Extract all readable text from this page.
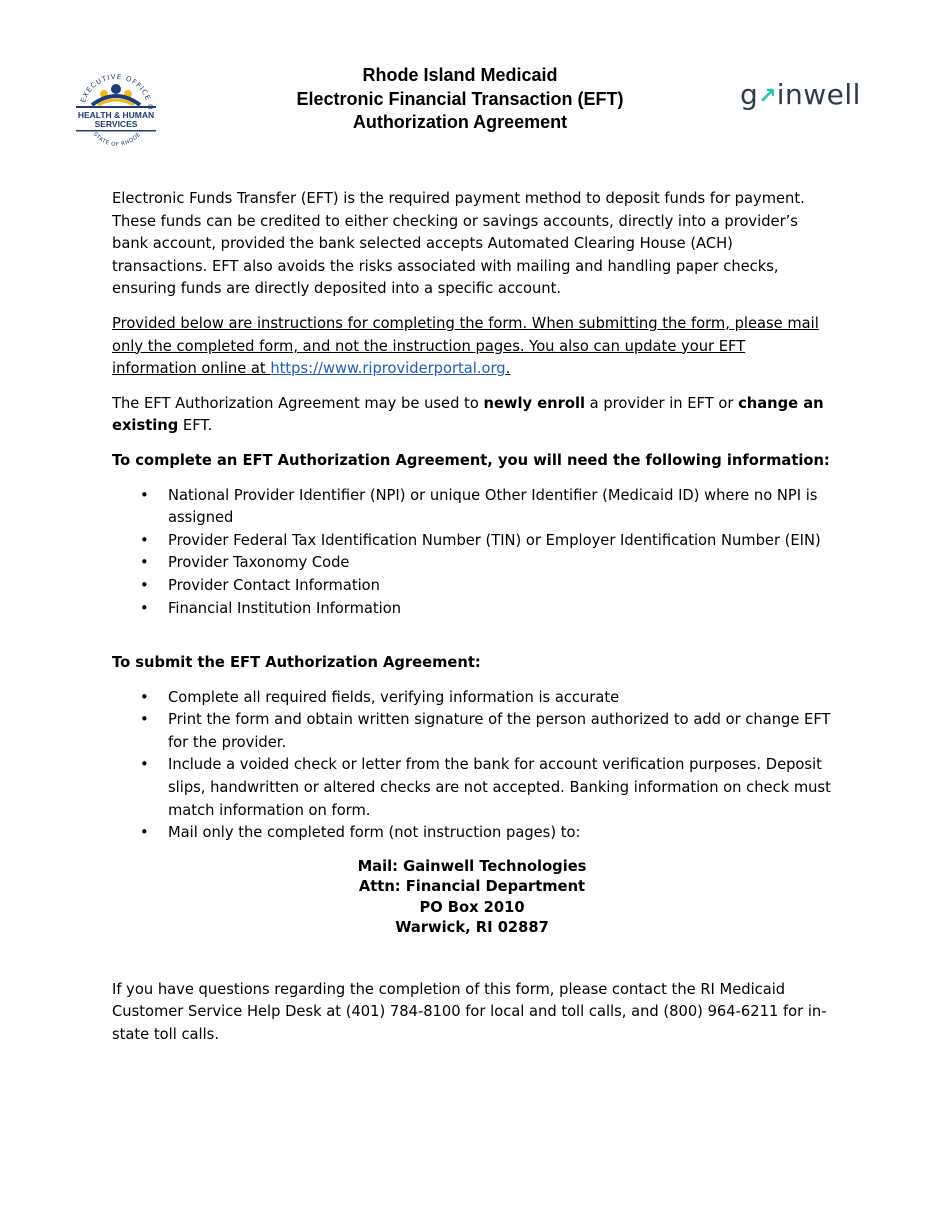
EXECUTIVE OFFICE
HEALTH & HUMAN
SERVICES
STATE OF RHODE I
Rhode Island Medicaid
Electronic Financial Transaction (EFT)
Authorization Agreement
g↗inwell

Electronic Funds Transfer (EFT) is the required payment method to deposit funds for payment. These funds can be credited to either checking or savings accounts, directly into a provider’s bank account, provided the bank selected accepts Automated Clearing House (ACH) transactions. EFT also avoids the risks associated with mailing and handling paper checks, ensuring funds are directly deposited into a specific account.

Provided below are instructions for completing the form. When submitting the form, please mail only the completed form, and not the instruction pages. You also can update your EFT information online at https://www.riproviderportal.org.

The EFT Authorization Agreement may be used to newly enroll a provider in EFT or change an existing EFT.

To complete an EFT Authorization Agreement, you will need the following information:

• National Provider Identifier (NPI) or unique Other Identifier (Medicaid ID) where no NPI is assigned
• Provider Federal Tax Identification Number (TIN) or Employer Identification Number (EIN)
• Provider Taxonomy Code
• Provider Contact Information
• Financial Institution Information

To submit the EFT Authorization Agreement:

• Complete all required fields, verifying information is accurate
• Print the form and obtain written signature of the person authorized to add or change EFT for the provider.
• Include a voided check or letter from the bank for account verification purposes. Deposit slips, handwritten or altered checks are not accepted. Banking information on check must match information on form.
• Mail only the completed form (not instruction pages) to:
Mail: Gainwell Technologies
Attn: Financial Department
PO Box 2010
Warwick, RI 02887

If you have questions regarding the completion of this form, please contact the RI Medicaid Customer Service Help Desk at (401) 784-8100 for local and toll calls, and (800) 964-6211 for in-state toll calls.
